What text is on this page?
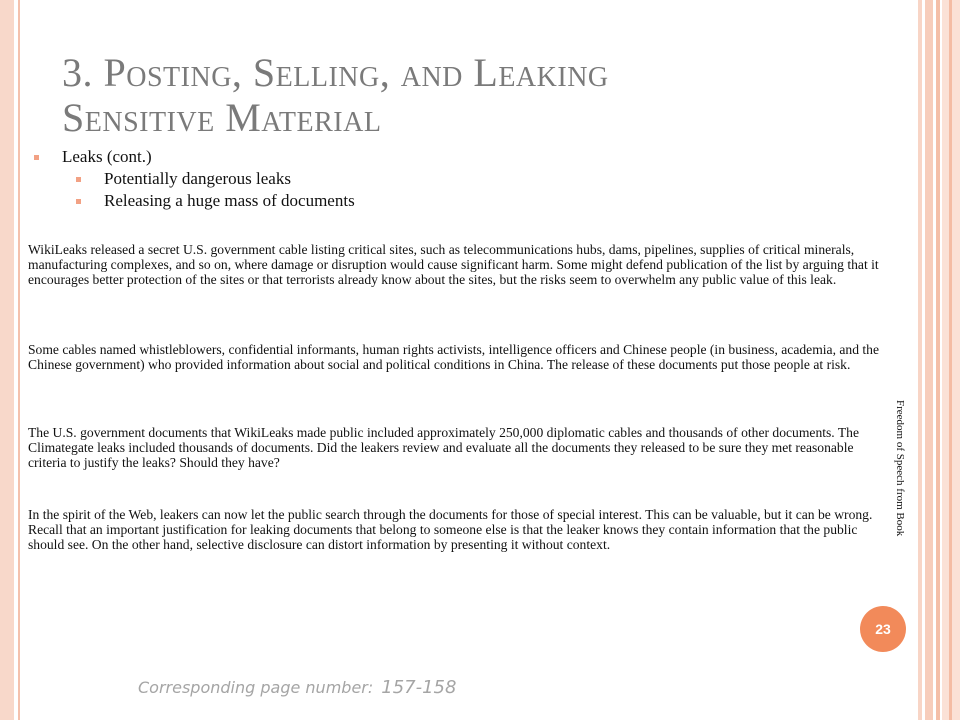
3. Posting, Selling, and Leaking
Sensitive Material
Leaks (cont.)
Potentially dangerous leaks
Releasing a huge mass of documents

WikiLeaks released a secret U.S. government cable listing critical sites, such as telecommunications hubs, dams, pipelines, supplies of critical minerals, manufacturing complexes, and so on, where damage or disruption would cause significant harm. Some might defend publication of the list by arguing that it encourages better protection of the sites or that terrorists already know about the sites, but the risks seem to overwhelm any public value of this leak.

Some cables named whistleblowers, confidential informants, human rights activists, intelligence officers and Chinese people (in business, academia, and the Chinese government) who provided information about social and political conditions in China. The release of these documents put those people at risk.

The U.S. government documents that WikiLeaks made public included approximately 250,000 diplomatic cables and thousands of other documents. The Climategate leaks included thousands of documents. Did the leakers review and evaluate all the documents they released to be sure they met reasonable criteria to justify the leaks? Should they have?

In the spirit of the Web, leakers can now let the public search through the documents for those of special interest. This can be valuable, but it can be wrong. Recall that an important justification for leaking documents that belong to someone else is that the leaker knows they contain information that the public should see. On the other hand, selective disclosure can distort information by presenting it without context.

Freedom of Speech from Book
23
Corresponding page number: 157-158
